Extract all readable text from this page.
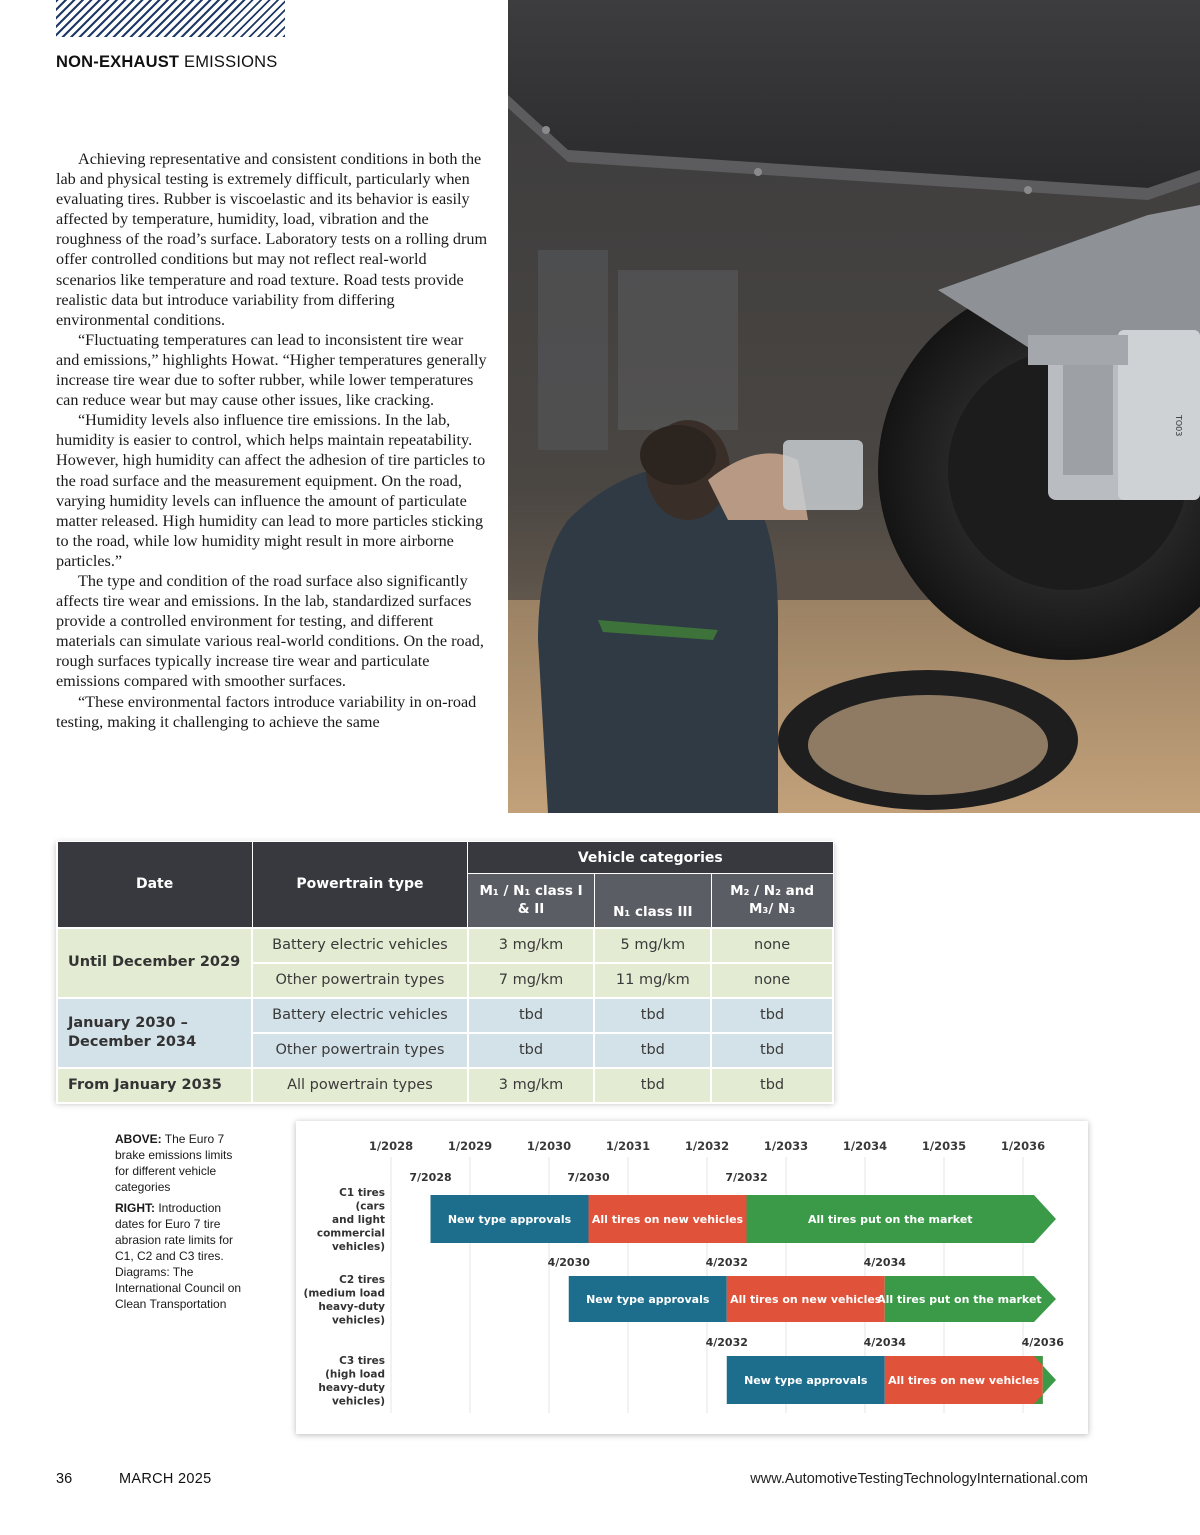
NON-EXHAUST EMISSIONS

Achieving representative and consistent conditions in both the lab and physical testing is extremely difficult, particularly when evaluating tires. Rubber is viscoelastic and its behavior is easily affected by temperature, humidity, load, vibration and the roughness of the road’s surface. Laboratory tests on a rolling drum offer controlled conditions but may not reflect real-world scenarios like temperature and road texture. Road tests provide realistic data but introduce variability from differing environmental conditions.

“Fluctuating temperatures can lead to inconsistent tire wear and emissions,” highlights Howat. “Higher temperatures generally increase tire wear due to softer rubber, while lower temperatures can reduce wear but may cause other issues, like cracking.

“Humidity levels also influence tire emissions. In the lab, humidity is easier to control, which helps maintain repeatability. However, high humidity can affect the adhesion of tire particles to the road surface and the measurement equipment. On the road, varying humidity levels can influence the amount of particulate matter released. High humidity can lead to more particles sticking to the road, while low humidity might result in more airborne particles.”

The type and condition of the road surface also significantly affects tire wear and emissions. In the lab, standardized surfaces provide a controlled environment for testing, and different materials can simulate various real-world conditions. On the road, rough surfaces typically increase tire wear and particulate emissions compared with smoother surfaces.

“These environmental factors introduce variability in on-road testing, making it challenging to achieve the same

TO03
Date	Powertrain type	Vehicle categories		
		M₁ / N₁ class I & II	N₁ class III	M₂ / N₂ and M₃/ N₃
Until December 2029	Battery electric vehicles	3 mg/km	5 mg/km	none
	Other powertrain types	7 mg/km	11 mg/km	none
January 2030 – December 2034	Battery electric vehicles	tbd	tbd	tbd
	Other powertrain types	tbd	tbd	tbd
From January 2035	All powertrain types	3 mg/km	tbd	tbd

ABOVE: The Euro 7 brake emissions limits for different vehicle categories

RIGHT: Introduction dates for Euro 7 tire abrasion rate limits for C1, C2 and C3 tires. Diagrams: The International Council on Clean Transportation

1/2028	1/2029	1/2030	1/2031	1/2032	1/2033	1/2034	1/2035	1/2036
C1 tires
(cars
and light
commercial
vehicles)
New type approvals All tires on new vehicles	All tires put on the market
7/2028	7/2030	7/2032
C2 tires
(medium load
heavy-duty
vehicles)
New type approvals All tires on new vehicles
All tires put on the market
4/2030	4/2032	4/2034
C3 tires
(high load
heavy-duty
vehicles)
New type approvals All tires on new vehicles
4/2032	4/2034	4/2036
36	MARCH 2025	www.AutomotiveTestingTechnologyInternational.com
